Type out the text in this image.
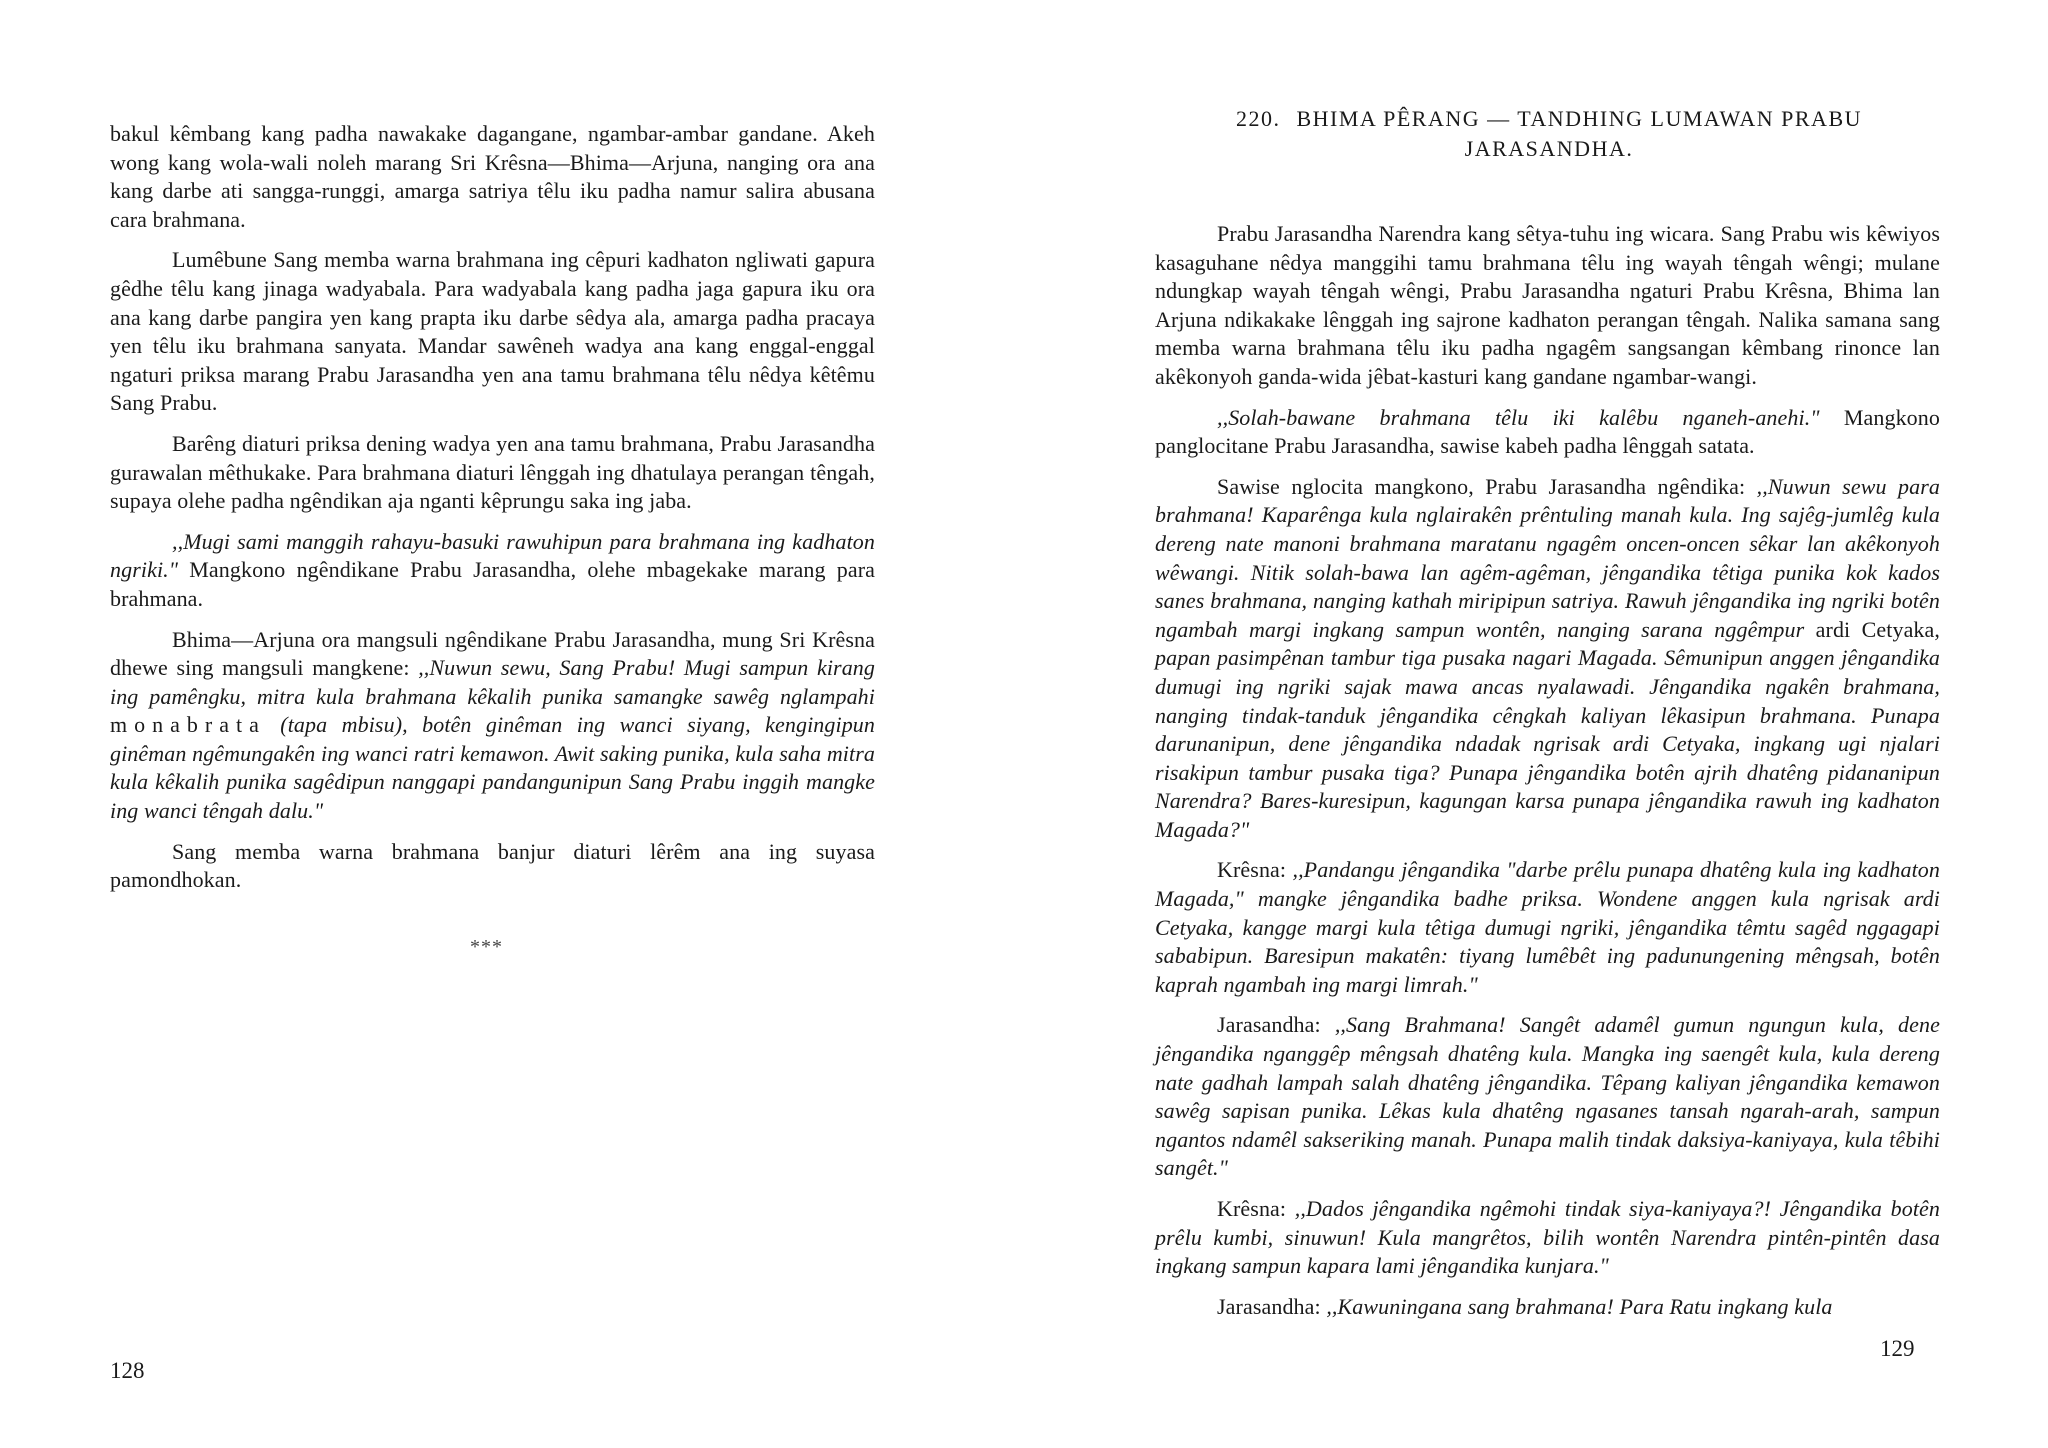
bakul kêmbang kang padha nawakake dagangane, ngambar-ambar gandane. Akeh wong kang wola-wali noleh marang Sri Krêsna—Bhima—Arjuna, nanging ora ana kang darbe ati sangga-runggi, amarga satriya têlu iku padha namur salira abusana cara brahmana.

Lumêbune Sang memba warna brahmana ing cêpuri kadhaton ngliwati gapura gêdhe têlu kang jinaga wadyabala. Para wadyabala kang padha jaga gapura iku ora ana kang darbe pangira yen kang prapta iku darbe sêdya ala, amarga padha pracaya yen têlu iku brahmana sanyata. Mandar sawêneh wadya ana kang enggal-enggal ngaturi priksa marang Prabu Jarasandha yen ana tamu brahmana têlu nêdya kêtêmu Sang Prabu.

Barêng diaturi priksa dening wadya yen ana tamu brahmana, Prabu Jarasandha gurawalan mêthukake. Para brahmana diaturi lênggah ing dhatulaya perangan têngah, supaya olehe padha ngêndikan aja nganti kêprungu saka ing jaba.

,,Mugi sami manggih rahayu-basuki rawuhipun para brahmana ing kadhaton ngriki." Mangkono ngêndikane Prabu Jarasandha, olehe mbagekake marang para brahmana.

Bhima—Arjuna ora mangsuli ngêndikane Prabu Jarasandha, mung Sri Krêsna dhewe sing mangsuli mangkene: ,,Nuwun sewu, Sang Prabu! Mugi sampun kirang ing pamêngku, mitra kula brahmana kêkalih punika samangke sawêg nglampahi monabrata (tapa mbisu), botên ginêman ing wanci siyang, kengingipun ginêman ngêmungakên ing wanci ratri kemawon. Awit saking punika, kula saha mitra kula kêkalih punika sagêdipun nanggapi pandangunipun Sang Prabu inggih mangke ing wanci têngah dalu."

Sang memba warna brahmana banjur diaturi lêrêm ana ing suyasa pamondhokan.

***
128
220. BHIMA PÊRANG — TANDHING LUMAWAN PRABU JARASANDHA.

Prabu Jarasandha Narendra kang sêtya-tuhu ing wicara. Sang Prabu wis kêwiyos kasaguhane nêdya manggihi tamu brahmana têlu ing wayah têngah wêngi; mulane ndungkap wayah têngah wêngi, Prabu Jarasandha ngaturi Prabu Krêsna, Bhima lan Arjuna ndikakake lênggah ing sajrone kadhaton perangan têngah. Nalika samana sang memba warna brahmana têlu iku padha ngagêm sangsangan kêmbang rinonce lan akêkonyoh ganda-wida jêbat-kasturi kang gandane ngambar-wangi.

,,Solah-bawane brahmana têlu iki kalêbu nganeh-anehi." Mangkono panglocitane Prabu Jarasandha, sawise kabeh padha lênggah satata.

Sawise nglocita mangkono, Prabu Jarasandha ngêndika: ,,Nuwun sewu para brahmana! Kaparênga kula nglairakên prêntuling manah kula. Ing sajêg-jumlêg kula dereng nate manoni brahmana maratanu ngagêm oncen-oncen sêkar lan akêkonyoh wêwangi. Nitik solah-bawa lan agêm-agêman, jêngandika têtiga punika kok kados sanes brahmana, nanging kathah miripipun satriya. Rawuh jêngandika ing ngriki botên ngambah margi ingkang sampun wontên, nanging sarana nggêmpur ardi Cetyaka, papan pasimpênan tambur tiga pusaka nagari Magada. Sêmunipun anggen jêngandika dumugi ing ngriki sajak mawa ancas nyalawadi. Jêngandika ngakên brahmana, nanging tindak-tanduk jêngandika cêngkah kaliyan lêkasipun brahmana. Punapa darunanipun, dene jêngandika ndadak ngrisak ardi Cetyaka, ingkang ugi njalari risakipun tambur pusaka tiga? Punapa jêngandika botên ajrih dhatêng pidananipun Narendra? Bares-kuresipun, kagungan karsa punapa jêngandika rawuh ing kadhaton Magada?"

Krêsna: ,,Pandangu jêngandika "darbe prêlu punapa dhatêng kula ing kadhaton Magada," mangke jêngandika badhe priksa. Wondene anggen kula ngrisak ardi Cetyaka, kangge margi kula têtiga dumugi ngriki, jêngandika têmtu sagêd nggagapi sababipun. Baresipun makatên: tiyang lumêbêt ing padunungening mêngsah, botên kaprah ngambah ing margi limrah."

Jarasandha: ,,Sang Brahmana! Sangêt adamêl gumun ngungun kula, dene jêngandika nganggêp mêngsah dhatêng kula. Mangka ing saengêt kula, kula dereng nate gadhah lampah salah dhatêng jêngandika. Têpang kaliyan jêngandika kemawon sawêg sapisan punika. Lêkas kula dhatêng ngasanes tansah ngarah-arah, sampun ngantos ndamêl sakseriking manah. Punapa malih tindak daksiya-kaniyaya, kula têbihi sangêt."

Krêsna: ,,Dados jêngandika ngêmohi tindak siya-kaniyaya?! Jêngandika botên prêlu kumbi, sinuwun! Kula mangrêtos, bilih wontên Narendra pintên-pintên dasa ingkang sampun kapara lami jêngandika kunjara."

Jarasandha: ,,Kawuningana sang brahmana! Para Ratu ingkang kula

129
